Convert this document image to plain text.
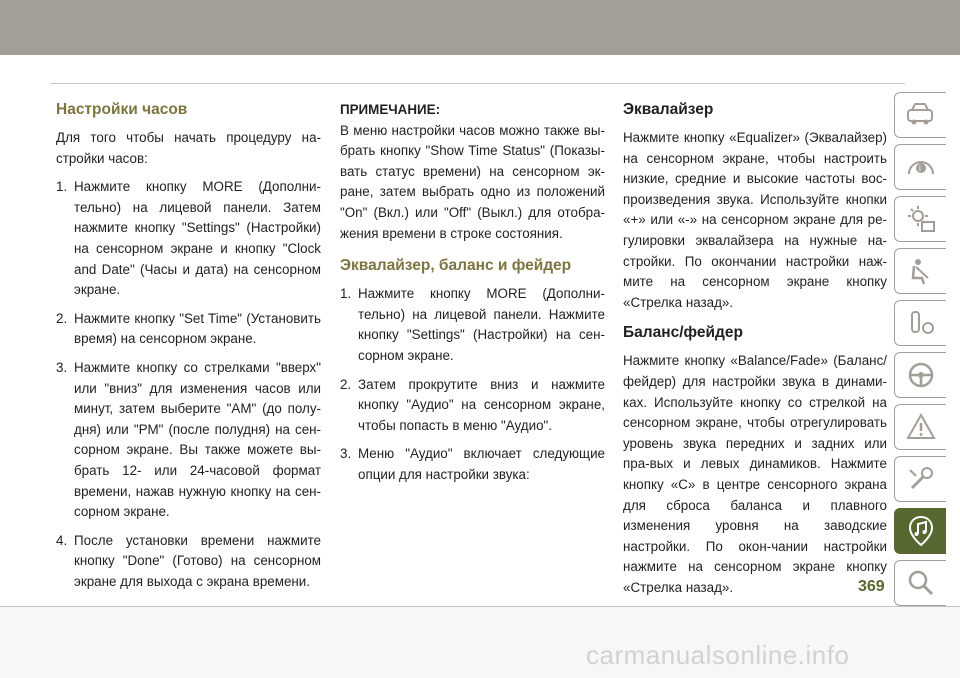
Настройки часов

Для того чтобы начать процедуру на-стройки часов:

1. Нажмите кнопку MORE (Дополни-тельно) на лицевой панели. Затем нажмите кнопку "Settings" (Настройки) на сенсорном экране и кнопку "Clock and Date" (Часы и дата) на сенсорном экране.
2. Нажмите кнопку "Set Time" (Установить время) на сенсорном экране.
3. Нажмите кнопку со стрелками "вверх" или "вниз" для изменения часов или минут, затем выберите "AM" (до полу-дня) или "PM" (после полудня) на сен-сорном экране. Вы также можете вы-брать 12- или 24-часовой формат времени, нажав нужную кнопку на сен-сорном экране.
4. После установки времени нажмите кнопку "Done" (Готово) на сенсорном экране для выхода с экрана времени.

ПРИМЕЧАНИЕ:

В меню настройки часов можно также вы-брать кнопку "Show Time Status" (Показы-вать статус времени) на сенсорном эк-ране, затем выбрать одно из положений "On" (Вкл.) или "Off" (Выкл.) для отобра-жения времени в строке состояния.

Эквалайзер, баланс и фейдер
1. Нажмите кнопку MORE (Дополни-тельно) на лицевой панели. Нажмите кнопку "Settings" (Настройки) на сен-сорном экране.
2. Затем прокрутите вниз и нажмите кнопку "Аудио" на сенсорном экране, чтобы попасть в меню "Аудио".
3. Меню "Аудио" включает следующие опции для настройки звука:
Эквалайзер

Нажмите кнопку «Equalizer» (Эквалайзер) на сенсорном экране, чтобы настроить низкие, средние и высокие частоты вос-произведения звука. Используйте кнопки «+» или «-» на сенсорном экране для ре-гулировки эквалайзера на нужные на-стройки. По окончании настройки наж-мите на сенсорном экране кнопку «Стрелка назад».

Баланс/фейдер

Нажмите кнопку «Balance/Fade» (Баланс/ фейдер) для настройки звука в динами-ках. Используйте кнопку со стрелкой на сенсорном экране, чтобы отрегулировать уровень звука передних и задних или пра-вых и левых динамиков. Нажмите кнопку «C» в центре сенсорного экрана для сброса баланса и плавного изменения уровня на заводские настройки. По окон-чании настройки нажмите на сенсорном экране кнопку «Стрелка назад».

i
369
carmanualsonline.info
